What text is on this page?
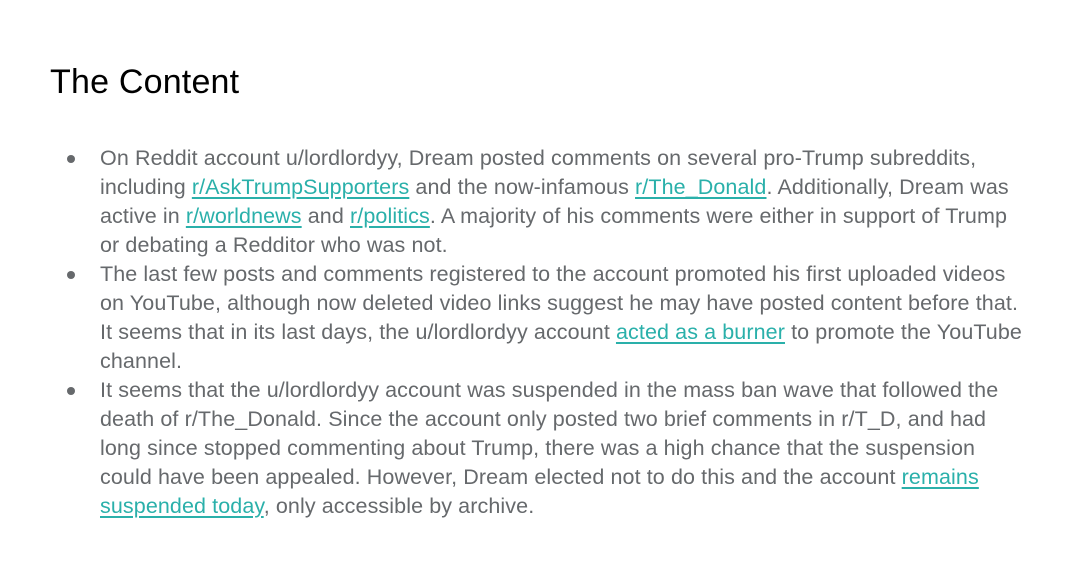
The Content
On Reddit account u/lordlordyy, Dream posted comments on several pro-Trump subreddits, including r/AskTrumpSupporters and the now-infamous r/The_Donald. Additionally, Dream was active in r/worldnews and r/politics. A majority of his comments were either in support of Trump or debating a Redditor who was not.
The last few posts and comments registered to the account promoted his first uploaded videos on YouTube, although now deleted video links suggest he may have posted content before that. It seems that in its last days, the u/lordlordyy account acted as a burner to promote the YouTube channel.
It seems that the u/lordlordyy account was suspended in the mass ban wave that followed the death of r/The_Donald. Since the account only posted two brief comments in r/T_D, and had long since stopped commenting about Trump, there was a high chance that the suspension could have been appealed. However, Dream elected not to do this and the account remains suspended today, only accessible by archive.
